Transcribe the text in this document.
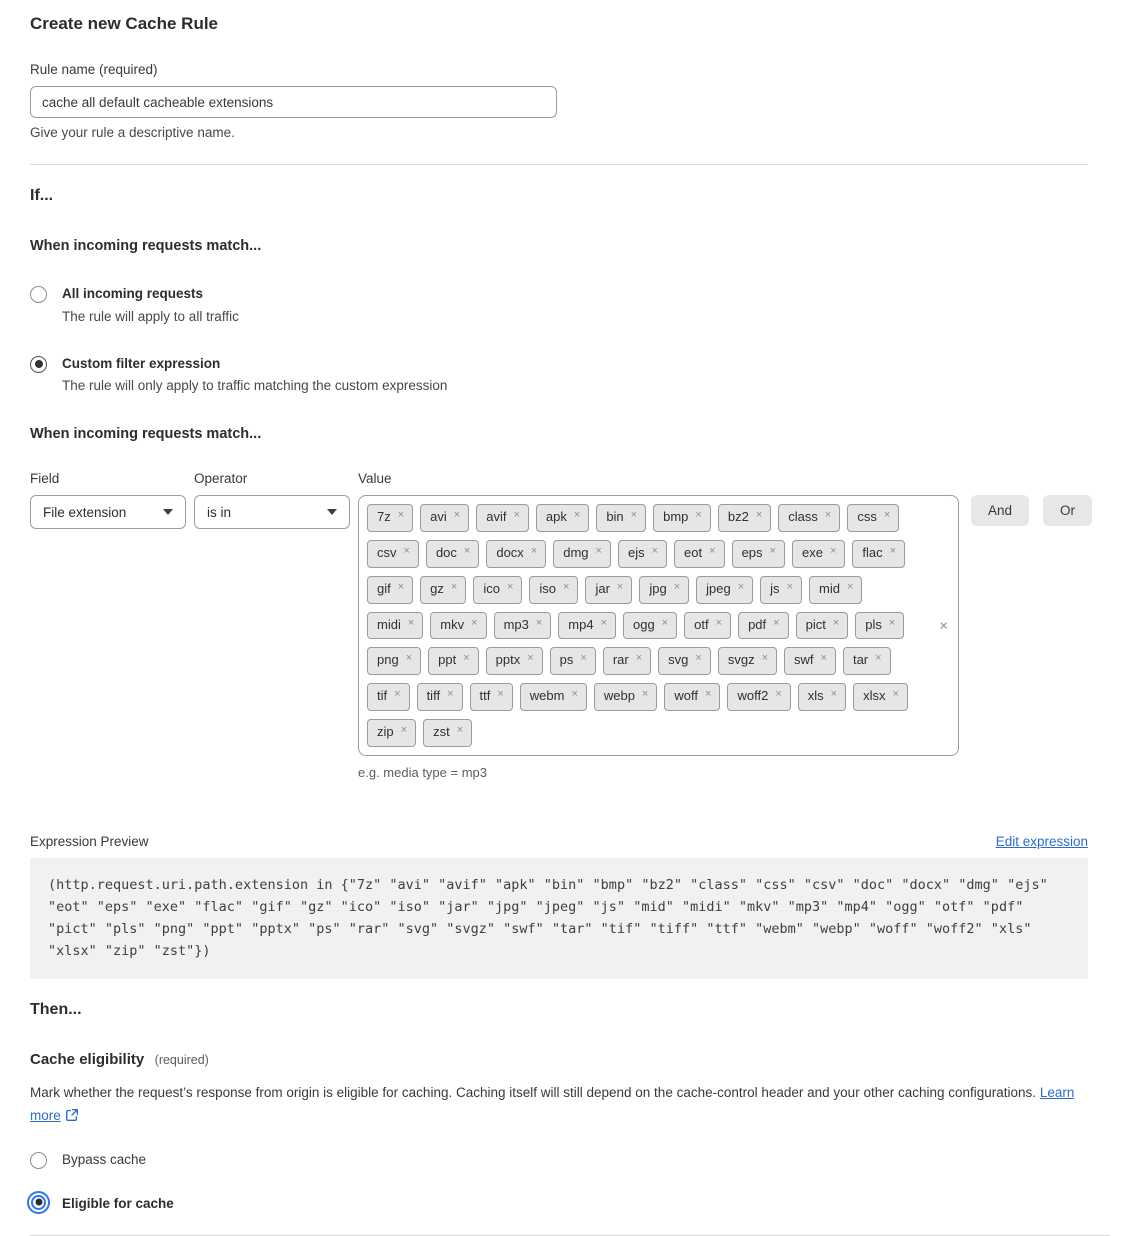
Create new Cache Rule
Rule name (required)
cache all default cacheable extensions
Give your rule a descriptive name.
If...
When incoming requests match...
All incoming requests
The rule will apply to all traffic
Custom filter expression
The rule will only apply to traffic matching the custom expression
When incoming requests match...
Field
File extension
Operator
is in
Value
7z × avi × avif × apk × bin × bmp × bz2 × class × css ×
csv × doc × docx × dmg × ejs × eot × eps × exe × flac ×
gif × gz × ico × iso × jar × jpg × jpeg × js × mid ×
midi × mkv × mp3 × mp4 × ogg × otf × pdf × pict × pls ×
png × ppt × pptx × ps × rar × svg × svgz × swf × tar ×
tif × tiff × ttf × webm × webp × woff × woff2 × xls × xlsx ×
zip × zst ×
×
e.g. media type = mp3
And	Or
Expression Preview	Edit expression
(http.request.uri.path.extension in {"7z" "avi" "avif" "apk" "bin" "bmp" "bz2" "class" "css" "csv" "doc" "docx" "dmg" "ejs" "eot" "eps" "exe" "flac" "gif" "gz" "ico" "iso" "jar" "jpg" "jpeg" "js" "mid" "midi" "mkv" "mp3" "mp4" "ogg" "otf" "pdf" "pict" "pls" "png" "ppt" "pptx" "ps" "rar" "svg" "svgz" "swf" "tar" "tif" "tiff" "ttf" "webm" "webp" "woff" "woff2" "xls" "xlsx" "zip" "zst"})
Then...
Cache eligibility (required)

Mark whether the request’s response from origin is eligible for caching. Caching itself will still depend on the cache-control header and your other caching configurations. Learn more

Bypass cache
Eligible for cache
